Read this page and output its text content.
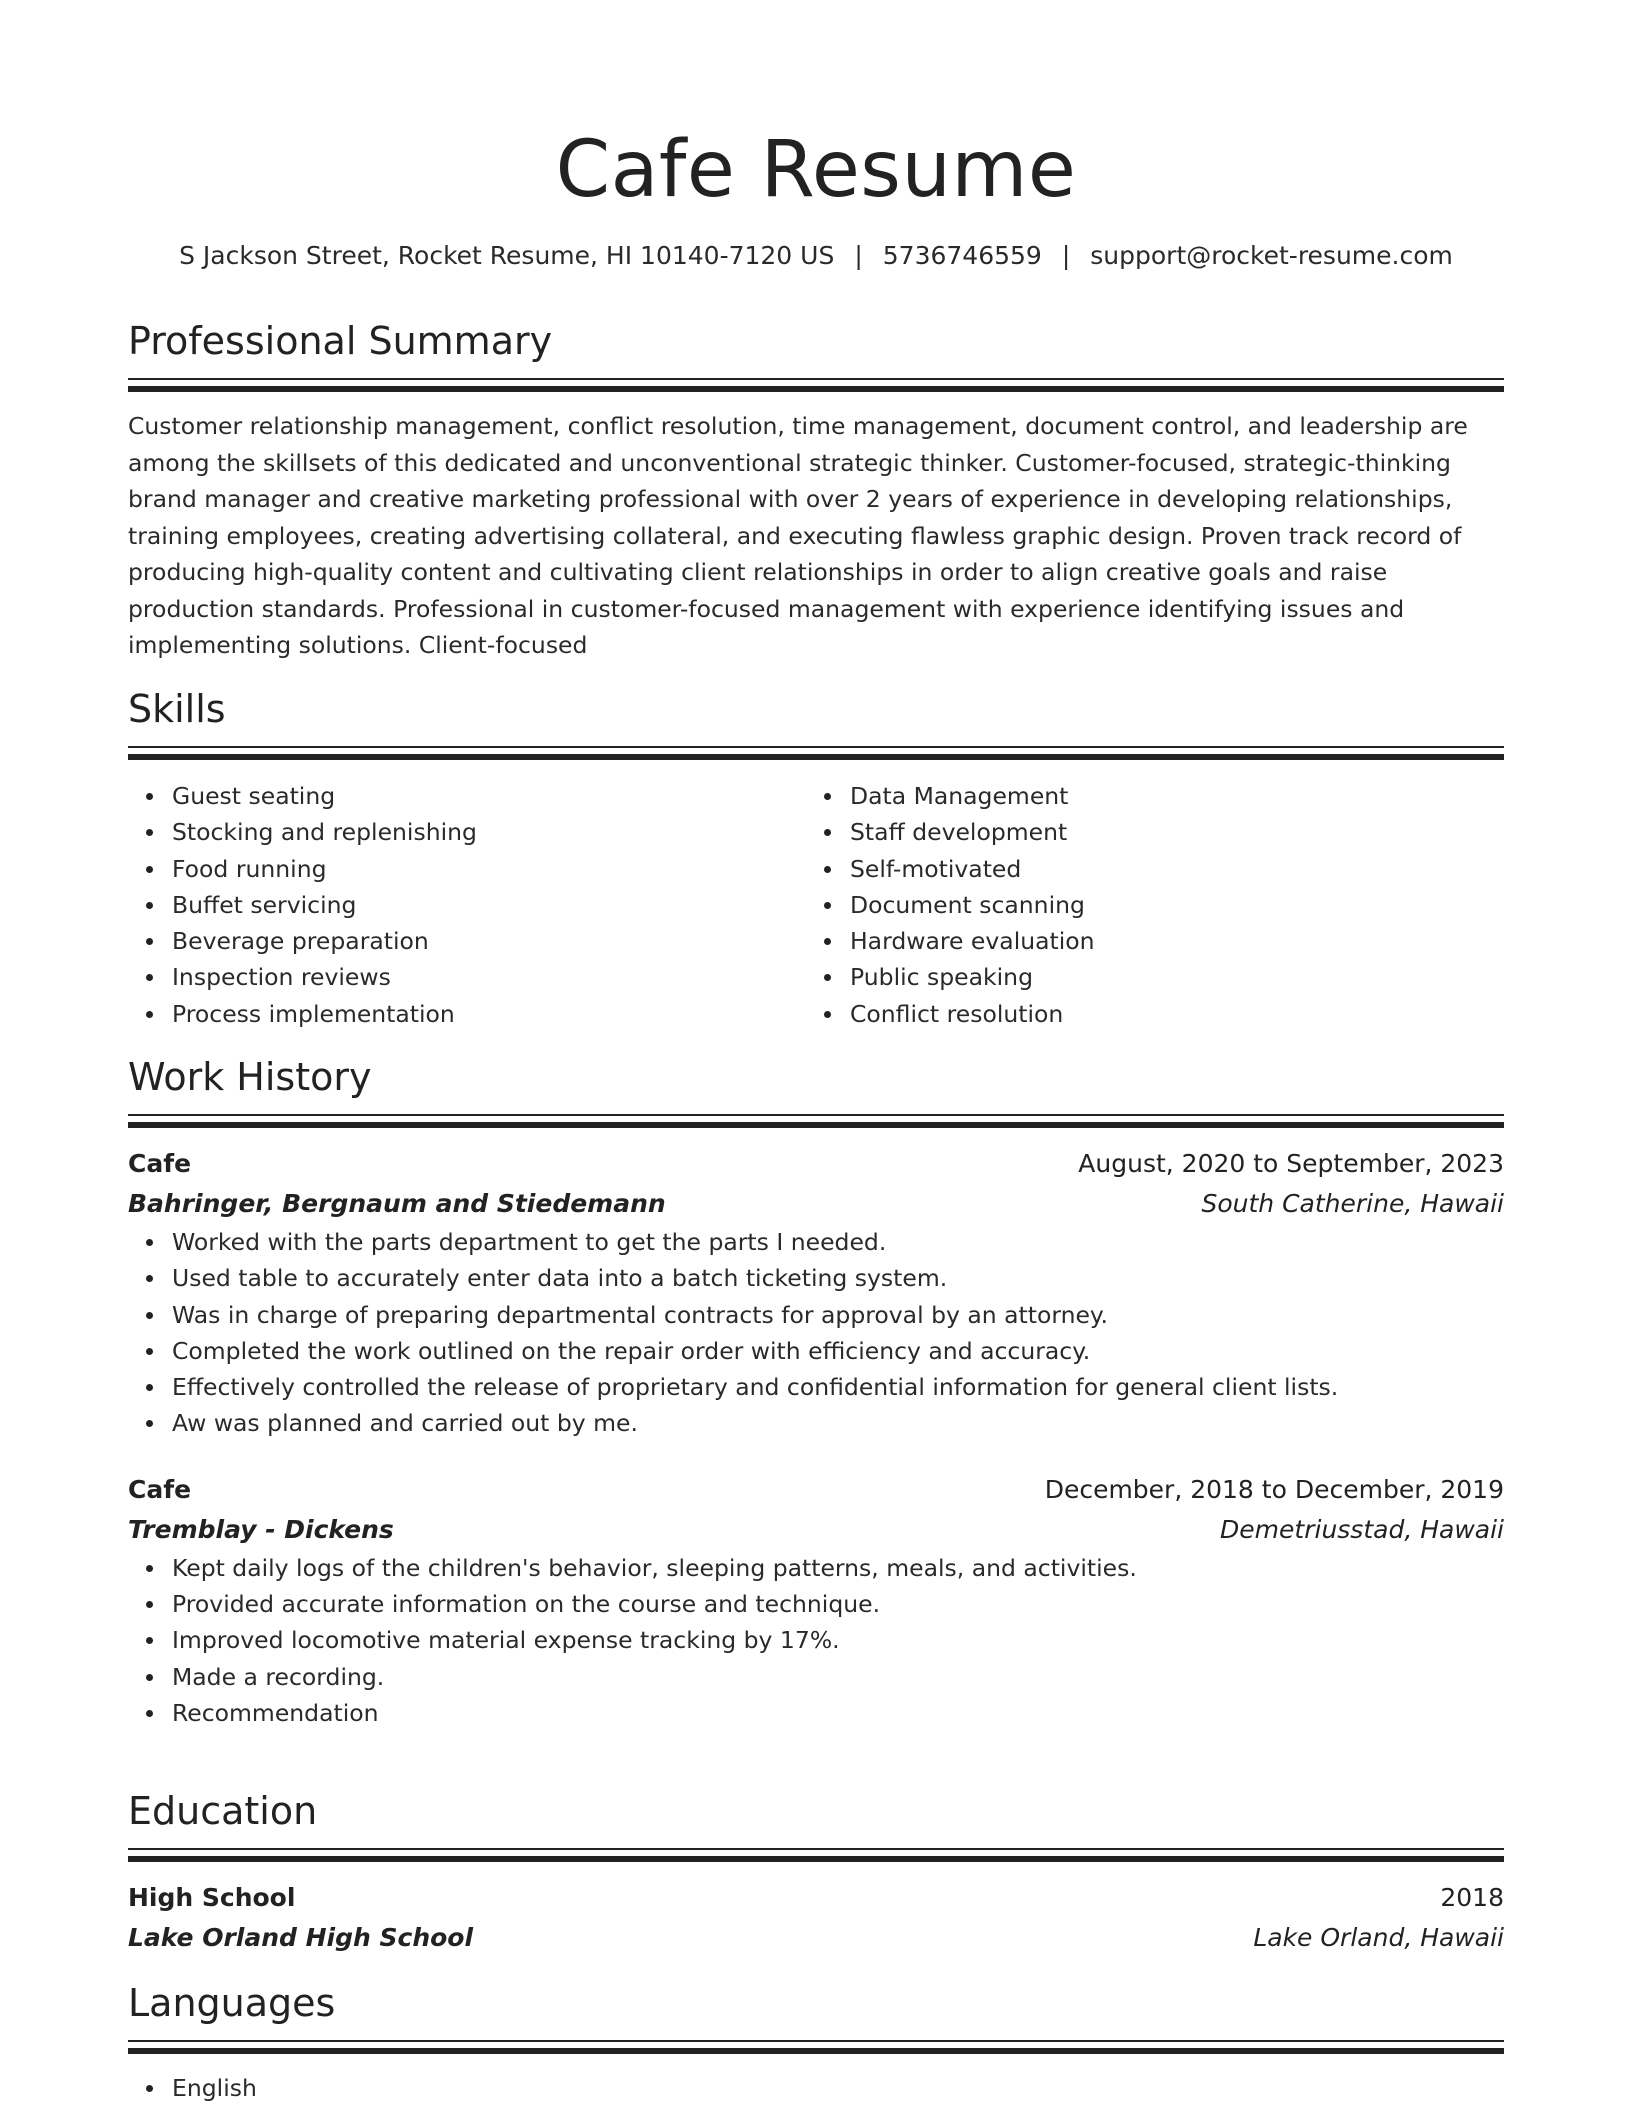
Cafe Resume
S Jackson Street, Rocket Resume, HI 10140-7120 US | 5736746559 | support@rocket-resume.com
Professional Summary

Customer relationship management, conflict resolution, time management, document control, and leadership are among the skillsets of this dedicated and unconventional strategic thinker. Customer-focused, strategic-thinking brand manager and creative marketing professional with over 2 years of experience in developing relationships, training employees, creating advertising collateral, and executing flawless graphic design. Proven track record of producing high-quality content and cultivating client relationships in order to align creative goals and raise production standards. Professional in customer-focused management with experience identifying issues and implementing solutions. Client-focused

Skills
Guest seating
Stocking and replenishing
Food running
Buffet servicing
Beverage preparation
Inspection reviews
Process implementation
Data Management
Staff development
Self-motivated
Document scanning
Hardware evaluation
Public speaking
Conflict resolution
Work History
Cafe	August, 2020 to September, 2023
Bahringer, Bergnaum and Stiedemann	South Catherine, Hawaii
Worked with the parts department to get the parts I needed.
Used table to accurately enter data into a batch ticketing system.
Was in charge of preparing departmental contracts for approval by an attorney.
Completed the work outlined on the repair order with efficiency and accuracy.
Effectively controlled the release of proprietary and confidential information for general client lists.
Aw was planned and carried out by me.
Cafe	December, 2018 to December, 2019
Tremblay - Dickens	Demetriusstad, Hawaii
Kept daily logs of the children's behavior, sleeping patterns, meals, and activities.
Provided accurate information on the course and technique.
Improved locomotive material expense tracking by 17%.
Made a recording.
Recommendation
Education
High School	2018
Lake Orland High School	Lake Orland, Hawaii
Languages
English
